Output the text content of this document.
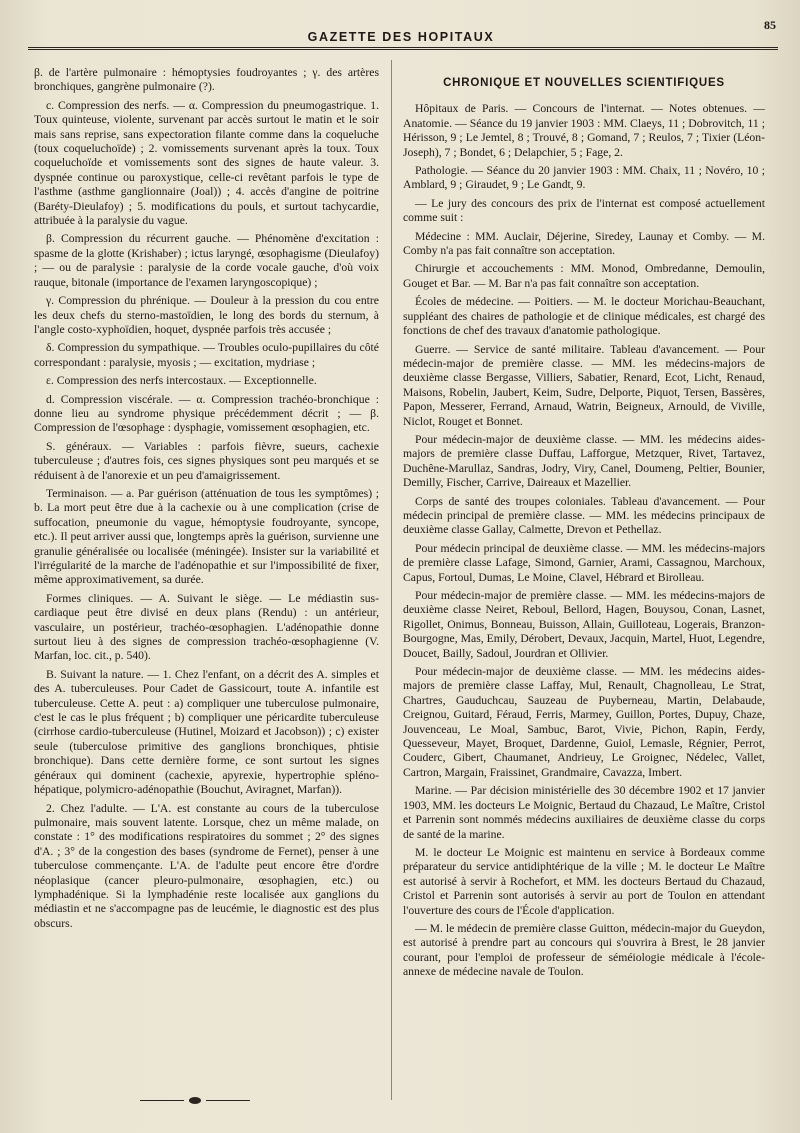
GAZETTE DES HOPITAUX
85

β. de l'artère pulmonaire : hémoptysies foudroyantes ; γ. des artères bronchiques, gangrène pulmonaire (?).

c. Compression des nerfs. — α. Compression du pneumogastrique. 1. Toux quinteuse, violente, survenant par accès surtout le matin et le soir mais sans reprise, sans expectoration filante comme dans la coqueluche (toux coqueluchoïde) ; 2. vomissements survenant après la toux. Toux coqueluchoïde et vomissements sont des signes de haute valeur. 3. dyspnée continue ou paroxystique, celle-ci revêtant parfois le type de l'asthme (asthme ganglionnaire (Joal)) ; 4. accès d'angine de poitrine (Baréty-Dieulafoy) ; 5. modifications du pouls, et surtout tachycardie, attribuée à la paralysie du vague.

β. Compression du récurrent gauche. — Phénomène d'excitation : spasme de la glotte (Krishaber) ; ictus laryngé, œsophagisme (Dieulafoy) ; — ou de paralysie : paralysie de la corde vocale gauche, d'où voix rauque, bitonale (importance de l'examen laryngoscopique) ;

γ. Compression du phrénique. — Douleur à la pression du cou entre les deux chefs du sterno-mastoïdien, le long des bords du sternum, à l'angle costo-xyphoïdien, hoquet, dyspnée parfois très accusée ;

δ. Compression du sympathique. — Troubles oculo-pupillaires du côté correspondant : paralysie, myosis ; — excitation, mydriase ;

ε. Compression des nerfs intercostaux. — Exceptionnelle.

d. Compression viscérale. — α. Compression trachéo-bronchique : donne lieu au syndrome physique précédemment décrit ; — β. Compression de l'œsophage : dysphagie, vomissement œsophagien, etc.

S. généraux. — Variables : parfois fièvre, sueurs, cachexie tuberculeuse ; d'autres fois, ces signes physiques sont peu marqués et se réduisent à de l'anorexie et un peu d'amaigrissement.

Terminaison. — a. Par guérison (atténuation de tous les symptômes) ; b. La mort peut être due à la cachexie ou à une complication (crise de suffocation, pneumonie du vague, hémoptysie foudroyante, syncope, etc.). Il peut arriver aussi que, longtemps après la guérison, survienne une granulie généralisée ou localisée (méningée). Insister sur la variabilité et l'irrégularité de la marche de l'adénopathie et sur l'impossibilité de fixer, même approximativement, sa durée.

Formes cliniques. — A. Suivant le siège. — Le médiastin sus-cardiaque peut être divisé en deux plans (Rendu) : un antérieur, vasculaire, un postérieur, trachéo-œsophagien. L'adénopathie donne surtout lieu à des signes de compression trachéo-œsophagienne (V. Marfan, loc. cit., p. 540).

B. Suivant la nature. — 1. Chez l'enfant, on a décrit des A. simples et des A. tuberculeuses. Pour Cadet de Gassicourt, toute A. infantile est tuberculeuse. Cette A. peut : a) compliquer une tuberculose pulmonaire, c'est le cas le plus fréquent ; b) compliquer une péricardite tuberculeuse (cirrhose cardio-tuberculeuse (Hutinel, Moizard et Jacobson)) ; c) exister seule (tuberculose primitive des ganglions bronchiques, phtisie bronchique). Dans cette dernière forme, ce sont surtout les signes généraux qui dominent (cachexie, apyrexie, hypertrophie spléno-hépatique, polymicro-adénopathie (Bouchut, Aviragnet, Marfan)).

2. Chez l'adulte. — L'A. est constante au cours de la tuberculose pulmonaire, mais souvent latente. Lorsque, chez un même malade, on constate : 1° des modifications respiratoires du sommet ; 2° des signes d'A. ; 3° de la congestion des bases (syndrome de Fernet), penser à une tuberculose commençante. L'A. de l'adulte peut encore être d'ordre néoplasique (cancer pleuro-pulmonaire, œsophagien, etc.) ou lymphadénique. Si la lymphadénie reste localisée aux ganglions du médiastin et ne s'accompagne pas de leucémie, le diagnostic est des plus obscurs.

CHRONIQUE ET NOUVELLES SCIENTIFIQUES

Hôpitaux de Paris. — Concours de l'internat. — Notes obtenues. — Anatomie. — Séance du 19 janvier 1903 : MM. Claeys, 11 ; Dobrovitch, 11 ; Hérisson, 9 ; Le Jemtel, 8 ; Trouvé, 8 ; Gomand, 7 ; Reulos, 7 ; Tixier (Léon-Joseph), 7 ; Bondet, 6 ; Delapchier, 5 ; Fage, 2.

Pathologie. — Séance du 20 janvier 1903 : MM. Chaix, 11 ; Novéro, 10 ; Amblard, 9 ; Giraudet, 9 ; Le Gandt, 9.

— Le jury des concours des prix de l'internat est composé actuellement comme suit :

Médecine : MM. Auclair, Déjerine, Siredey, Launay et Comby. — M. Comby n'a pas fait connaître son acceptation.

Chirurgie et accouchements : MM. Monod, Ombredanne, Demoulin, Gouget et Bar. — M. Bar n'a pas fait connaître son acceptation.

Écoles de médecine. — Poitiers. — M. le docteur Morichau-Beauchant, suppléant des chaires de pathologie et de clinique médicales, est chargé des fonctions de chef des travaux d'anatomie pathologique.

Guerre. — Service de santé militaire. Tableau d'avancement. — Pour médecin-major de première classe. — MM. les médecins-majors de deuxième classe Bergasse, Villiers, Sabatier, Renard, Ecot, Licht, Renaud, Maisons, Robelin, Jaubert, Keim, Sudre, Delporte, Piquot, Tersen, Bassères, Papon, Messerer, Ferrand, Arnaud, Watrin, Beigneux, Arnould, de Viville, Niclot, Rouget et Bonnet.

Pour médecin-major de deuxième classe. — MM. les médecins aides-majors de première classe Duffau, Lafforgue, Metzquer, Rivet, Tartavez, Duchêne-Marullaz, Sandras, Jodry, Viry, Canel, Doumeng, Peltier, Bounier, Demilly, Fischer, Carrive, Daireaux et Mazellier.

Corps de santé des troupes coloniales. Tableau d'avancement. — Pour médecin principal de première classe. — MM. les médecins principaux de deuxième classe Gallay, Calmette, Drevon et Pethellaz.

Pour médecin principal de deuxième classe. — MM. les médecins-majors de première classe Lafage, Simond, Garnier, Arami, Cassagnou, Marchoux, Capus, Fortoul, Dumas, Le Moine, Clavel, Hébrard et Birolleau.

Pour médecin-major de première classe. — MM. les médecins-majors de deuxième classe Neiret, Reboul, Bellord, Hagen, Bouysou, Conan, Lasnet, Rigollet, Onimus, Bonneau, Buisson, Allain, Guilloteau, Logerais, Branzon-Bourgogne, Mas, Emily, Dérobert, Devaux, Jacquin, Martel, Huot, Legendre, Doucet, Bailly, Sadoul, Jourdran et Ollivier.

Pour médecin-major de deuxième classe. — MM. les médecins aides-majors de première classe Laffay, Mul, Renault, Chagnolleau, Le Strat, Chartres, Gauduchcau, Sauzeau de Puyberneau, Martin, Delabaude, Creignou, Guitard, Féraud, Ferris, Marmey, Guillon, Portes, Dupuy, Chaze, Jouvenceau, Le Moal, Sambuc, Barot, Vivie, Pichon, Rapin, Ferdy, Quesseveur, Mayet, Broquet, Dardenne, Guiol, Lemasle, Régnier, Perrot, Couderc, Gibert, Chaumanet, Andrieuy, Le Groignec, Nédelec, Vallet, Cartron, Margain, Fraissinet, Grandmaire, Cavazza, Imbert.

Marine. — Par décision ministérielle des 30 décembre 1902 et 17 janvier 1903, MM. les docteurs Le Moignic, Bertaud du Chazaud, Le Maître, Cristol et Parrenin sont nommés médecins auxiliaires de deuxième classe du corps de santé de la marine.

M. le docteur Le Moignic est maintenu en service à Bordeaux comme préparateur du service antidiphtérique de la ville ; M. le docteur Le Maître est autorisé à servir à Rochefort, et MM. les docteurs Bertaud du Chazaud, Cristol et Parrenin sont autorisés à servir au port de Toulon en attendant l'ouverture des cours de l'École d'application.

— M. le médecin de première classe Guitton, médecin-major du Gueydon, est autorisé à prendre part au concours qui s'ouvrira à Brest, le 28 janvier courant, pour l'emploi de professeur de séméiologie médicale à l'école-annexe de médecine navale de Toulon.
